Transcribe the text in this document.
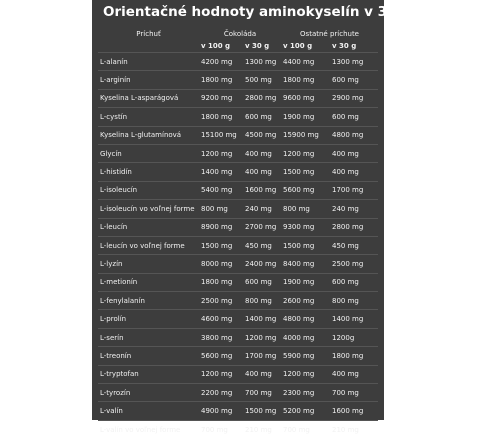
Orientačné hodnoty aminokyselín v 30 g a 100 g:
Príchuť	Čokoláda		Ostatné príchute	
	v 100 g	v 30 g	v 100 g	v 30 g
L-alanín	4200 mg	1300 mg	4400 mg	1300 mg
L-arginín	1800 mg	500 mg	1800 mg	600 mg
Kyselina L-asparágová	9200 mg	2800 mg	9600 mg	2900 mg
L-cystín	1800 mg	600 mg	1900 mg	600 mg
Kyselina L-glutamínová	15100 mg	4500 mg	15900 mg	4800 mg
Glycín	1200 mg	400 mg	1200 mg	400 mg
L-histidín	1400 mg	400 mg	1500 mg	400 mg
L-isoleucín	5400 mg	1600 mg	5600 mg	1700 mg
L-isoleucín vo voľnej forme	800 mg	240 mg	800 mg	240 mg
L-leucín	8900 mg	2700 mg	9300 mg	2800 mg
L-leucín vo voľnej forme	1500 mg	450 mg	1500 mg	450 mg
L-lyzín	8000 mg	2400 mg	8400 mg	2500 mg
L-metionín	1800 mg	600 mg	1900 mg	600 mg
L-fenylalanín	2500 mg	800 mg	2600 mg	800 mg
L-prolín	4600 mg	1400 mg	4800 mg	1400 mg
L-serín	3800 mg	1200 mg	4000 mg	1200g
L-treonín	5600 mg	1700 mg	5900 mg	1800 mg
L-tryptofan	1200 mg	400 mg	1200 mg	400 mg
L-tyrozín	2200 mg	700 mg	2300 mg	700 mg
L-valín	4900 mg	1500 mg	5200 mg	1600 mg
L-valín vo voľnej forme	700 mg	210 mg	700 mg	210 mg
